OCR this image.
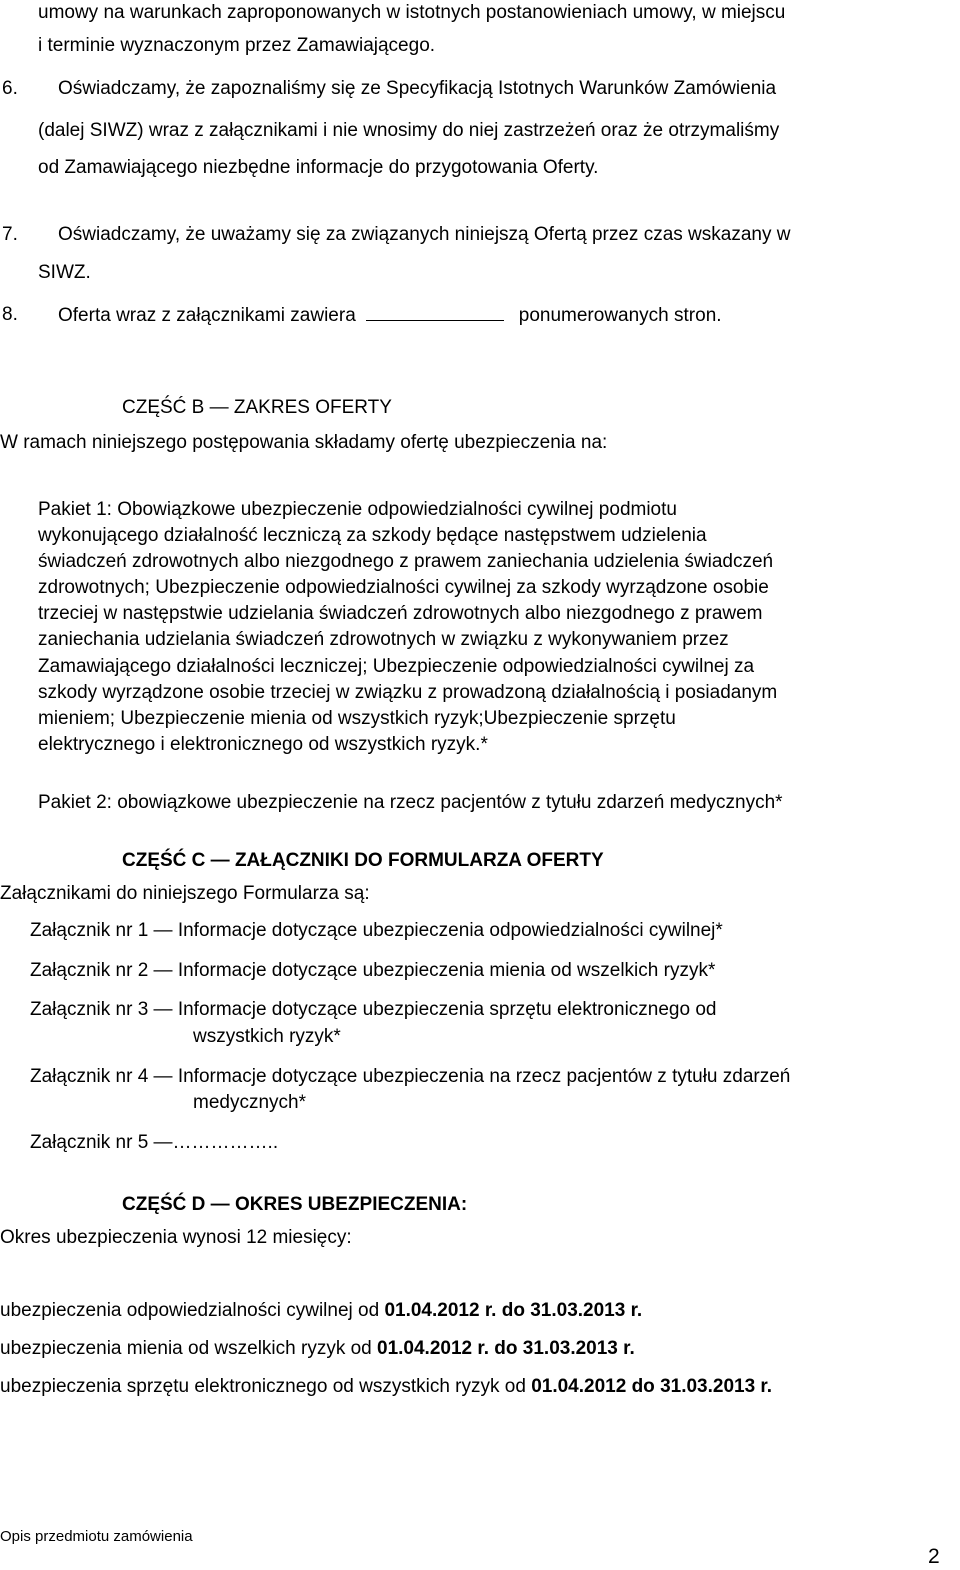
umowy na warunkach zaproponowanych w istotnych postanowieniach umowy, w miejscu
i terminie wyznaczonym przez Zamawiającego.
6. Oświadczamy, że zapoznaliśmy się ze Specyfikacją Istotnych Warunków Zamówienia
(dalej SIWZ) wraz z załącznikami i nie wnosimy do niej zastrzeżeń oraz że otrzymaliśmy
od Zamawiającego niezbędne informacje do przygotowania Oferty.
7. Oświadczamy, że uważamy się za związanych niniejszą Ofertą przez czas wskazany w
SIWZ.
8. Oferta wraz z załącznikami zawiera	ponumerowanych stron.
CZĘŚĆ B — ZAKRES OFERTY
W ramach niniejszego postępowania składamy ofertę ubezpieczenia na:
Pakiet 1: Obowiązkowe ubezpieczenie odpowiedzialności cywilnej podmiotu
wykonującego działalność leczniczą za szkody będące następstwem udzielenia
świadczeń zdrowotnych albo niezgodnego z prawem zaniechania udzielenia świadczeń
zdrowotnych; Ubezpieczenie odpowiedzialności cywilnej za szkody wyrządzone osobie
trzeciej w następstwie udzielania świadczeń zdrowotnych albo niezgodnego z prawem
zaniechania udzielania świadczeń zdrowotnych w związku z wykonywaniem przez
Zamawiającego działalności leczniczej; Ubezpieczenie odpowiedzialności cywilnej za
szkody wyrządzone osobie trzeciej w związku z prowadzoną działalnością i posiadanym
mieniem; Ubezpieczenie mienia od wszystkich ryzyk;Ubezpieczenie sprzętu
elektrycznego i elektronicznego od wszystkich ryzyk.*
Pakiet 2: obowiązkowe ubezpieczenie na rzecz pacjentów z tytułu zdarzeń medycznych*
CZĘŚĆ C — ZAŁĄCZNIKI DO FORMULARZA OFERTY
Załącznikami do niniejszego Formularza są:
Załącznik nr 1 — Informacje dotyczące ubezpieczenia odpowiedzialności cywilnej*
Załącznik nr 2 — Informacje dotyczące ubezpieczenia mienia od wszelkich ryzyk*
Załącznik nr 3 — Informacje dotyczące ubezpieczenia sprzętu elektronicznego od
wszystkich ryzyk*
Załącznik nr 4 — Informacje dotyczące ubezpieczenia na rzecz pacjentów z tytułu zdarzeń
medycznych*
Załącznik nr 5 —……………..
CZĘŚĆ D — OKRES UBEZPIECZENIA:
Okres ubezpieczenia wynosi 12 miesięcy:
ubezpieczenia odpowiedzialności cywilnej od 01.04.2012 r. do 31.03.2013 r.
ubezpieczenia mienia od wszelkich ryzyk od 01.04.2012 r. do 31.03.2013 r.
ubezpieczenia sprzętu elektronicznego od wszystkich ryzyk od 01.04.2012 do 31.03.2013 r.
Opis przedmiotu zamówienia
2
